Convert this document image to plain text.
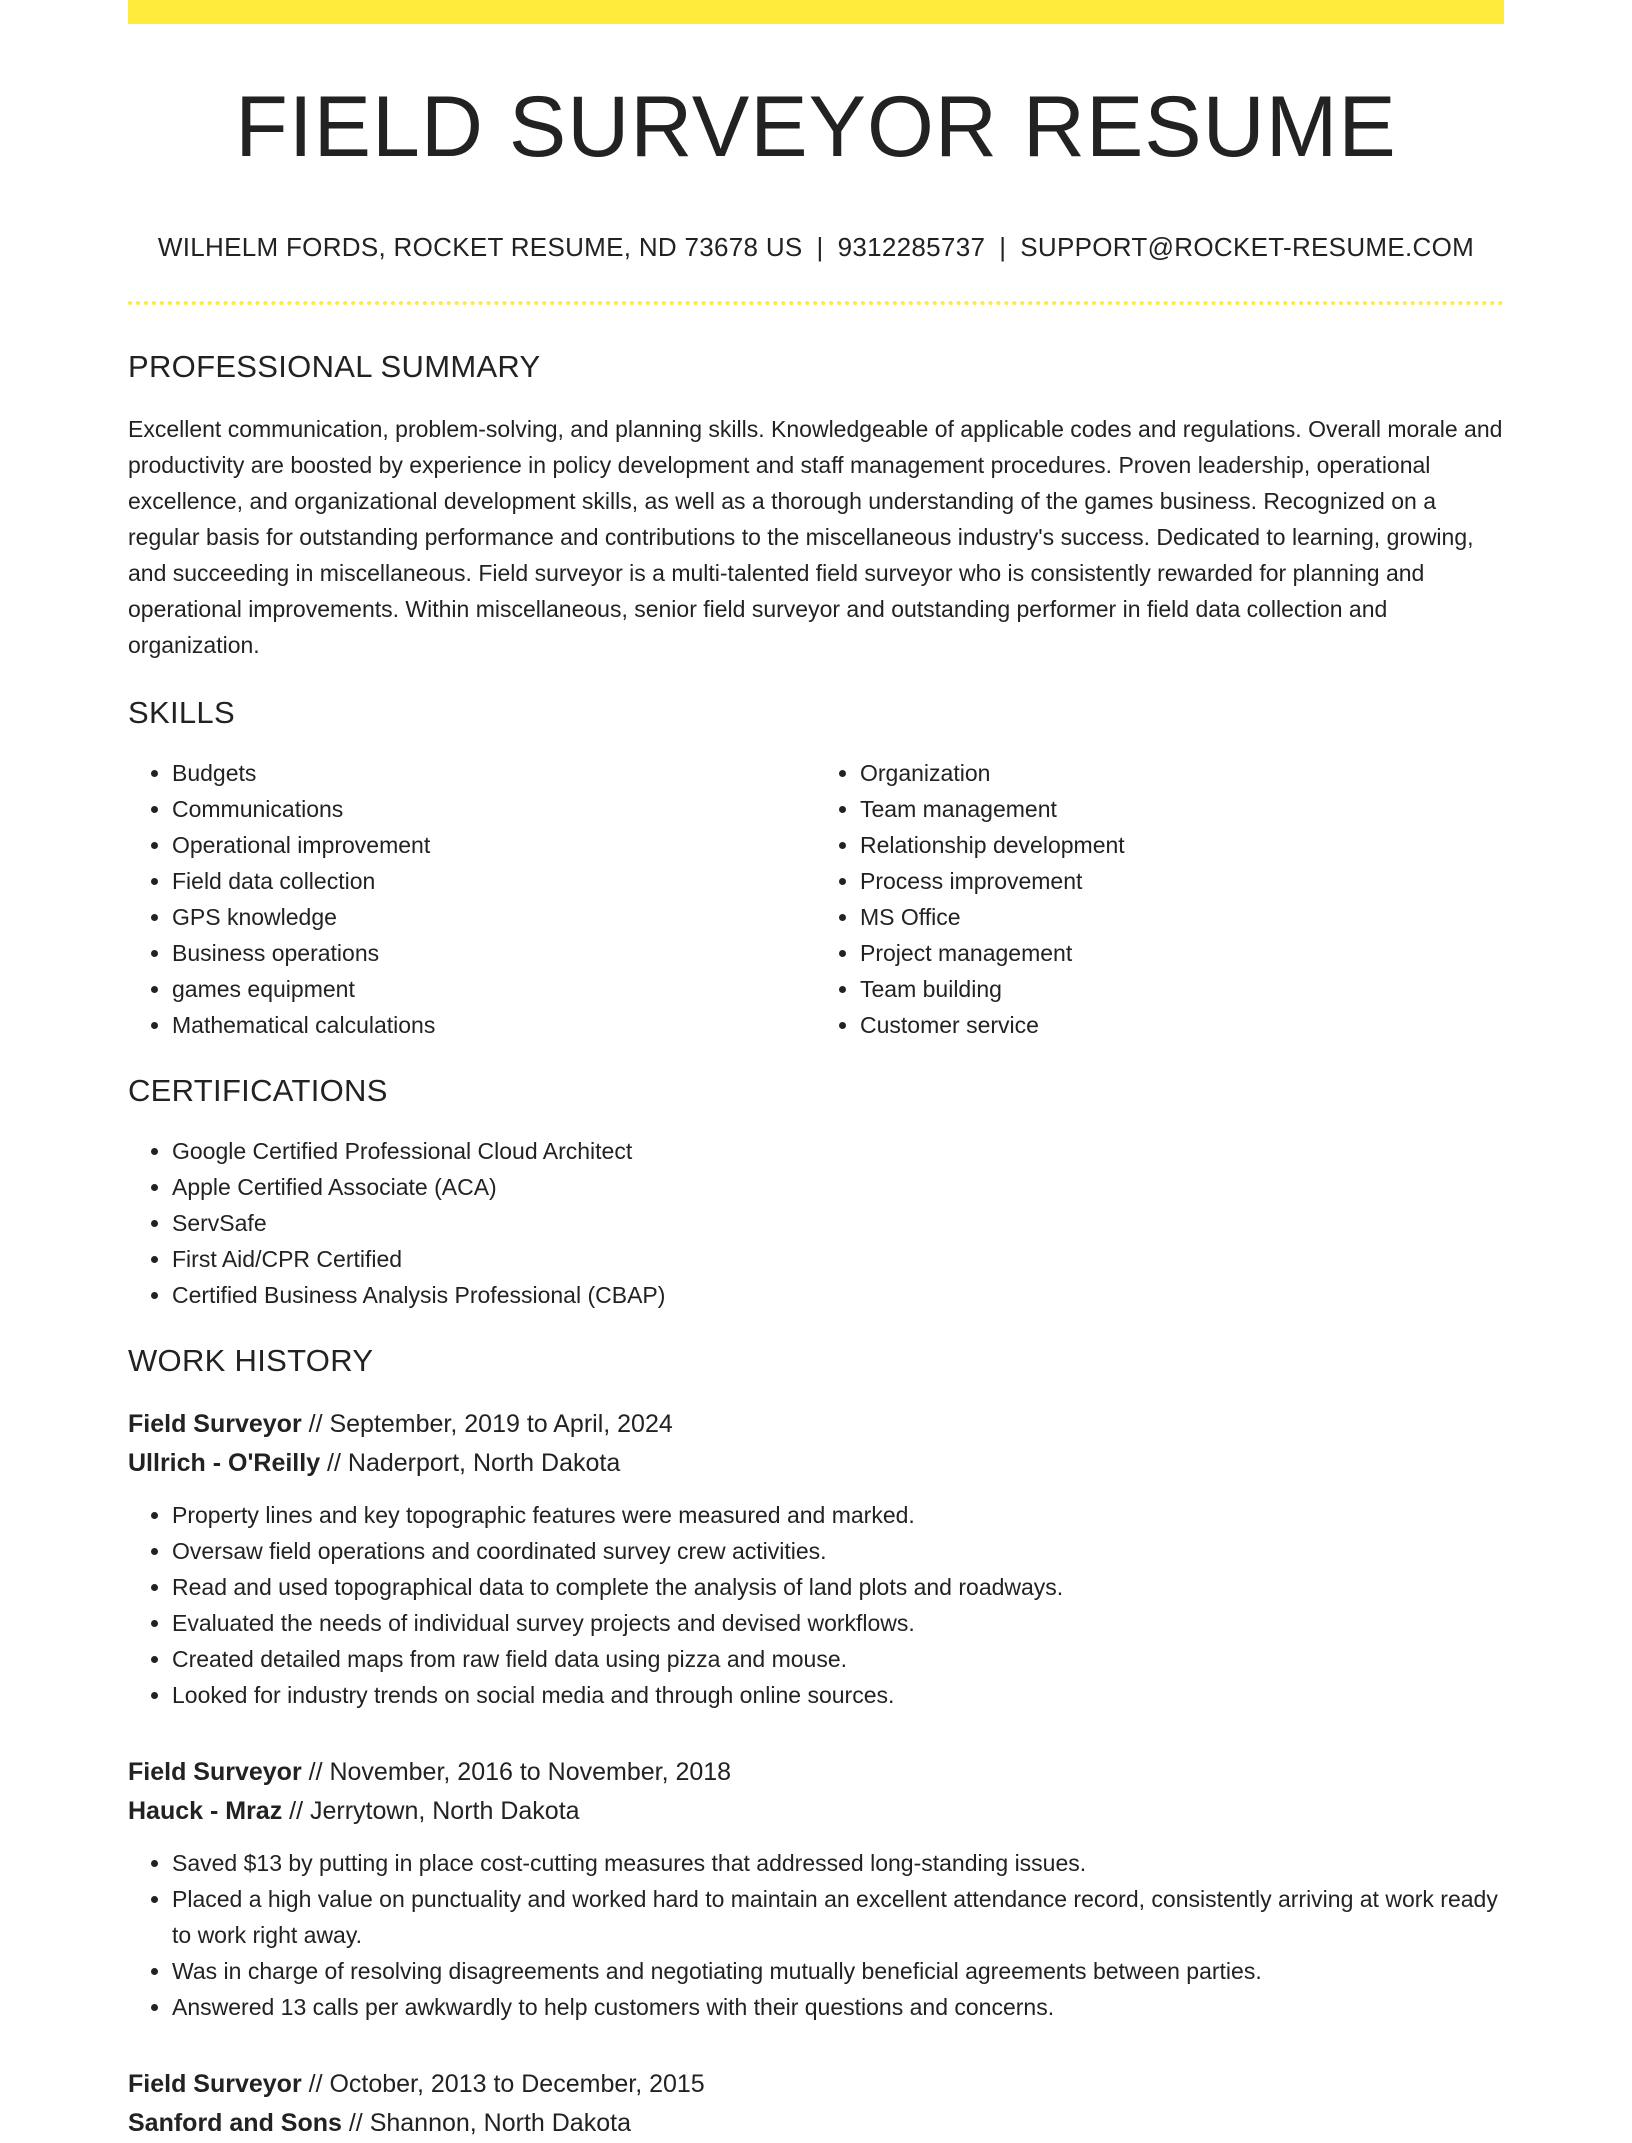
FIELD SURVEYOR RESUME
WILHELM FORDS, ROCKET RESUME, ND 73678 US | 9312285737 | SUPPORT@ROCKET-RESUME.COM
PROFESSIONAL SUMMARY
Excellent communication, problem-solving, and planning skills. Knowledgeable of applicable codes and regulations. Overall morale and productivity are boosted by experience in policy development and staff management procedures. Proven leadership, operational excellence, and organizational development skills, as well as a thorough understanding of the games business. Recognized on a regular basis for outstanding performance and contributions to the miscellaneous industry's success. Dedicated to learning, growing, and succeeding in miscellaneous. Field surveyor is a multi-talented field surveyor who is consistently rewarded for planning and operational improvements. Within miscellaneous, senior field surveyor and outstanding performer in field data collection and organization.
SKILLS
• Budgets
• Communications
• Operational improvement
• Field data collection
• GPS knowledge
• Business operations
• games equipment
• Mathematical calculations
• Organization
• Team management
• Relationship development
• Process improvement
• MS Office
• Project management
• Team building
• Customer service
CERTIFICATIONS
• Google Certified Professional Cloud Architect
• Apple Certified Associate (ACA)
• ServSafe
• First Aid/CPR Certified
• Certified Business Analysis Professional (CBAP)
WORK HISTORY
Field Surveyor // September, 2019 to April, 2024
Ullrich - O'Reilly // Naderport, North Dakota
• Property lines and key topographic features were measured and marked.
• Oversaw field operations and coordinated survey crew activities.
• Read and used topographical data to complete the analysis of land plots and roadways.
• Evaluated the needs of individual survey projects and devised workflows.
• Created detailed maps from raw field data using pizza and mouse.
• Looked for industry trends on social media and through online sources.
Field Surveyor // November, 2016 to November, 2018
Hauck - Mraz // Jerrytown, North Dakota
• Saved $13 by putting in place cost-cutting measures that addressed long-standing issues.
• Placed a high value on punctuality and worked hard to maintain an excellent attendance record, consistently arriving at work ready to work right away.
• Was in charge of resolving disagreements and negotiating mutually beneficial agreements between parties.
• Answered 13 calls per awkwardly to help customers with their questions and concerns.
Field Surveyor // October, 2013 to December, 2015
Sanford and Sons // Shannon, North Dakota
